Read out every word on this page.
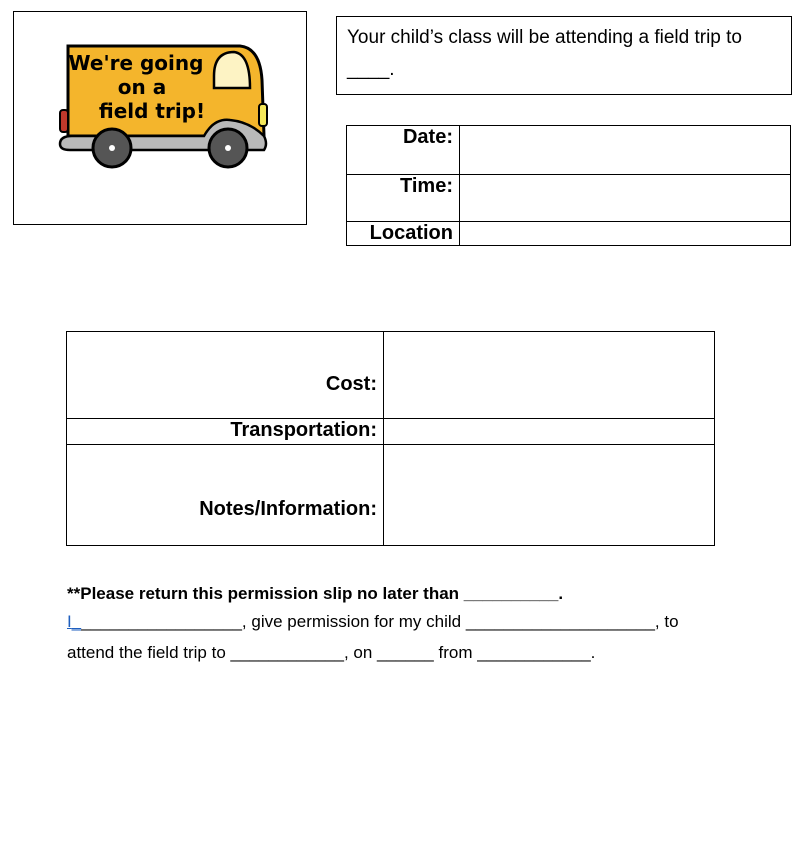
We're going
on a
field trip!
Your child’s class will be attending a field trip to
____.
Date:	
Time:	
Location	
Cost:	
Transportation:	
Notes/Information:	
**Please return this permission slip no later than __________.
I__________________, give permission for my child ____________________, to
attend the field trip to ____________, on ______ from ____________.
